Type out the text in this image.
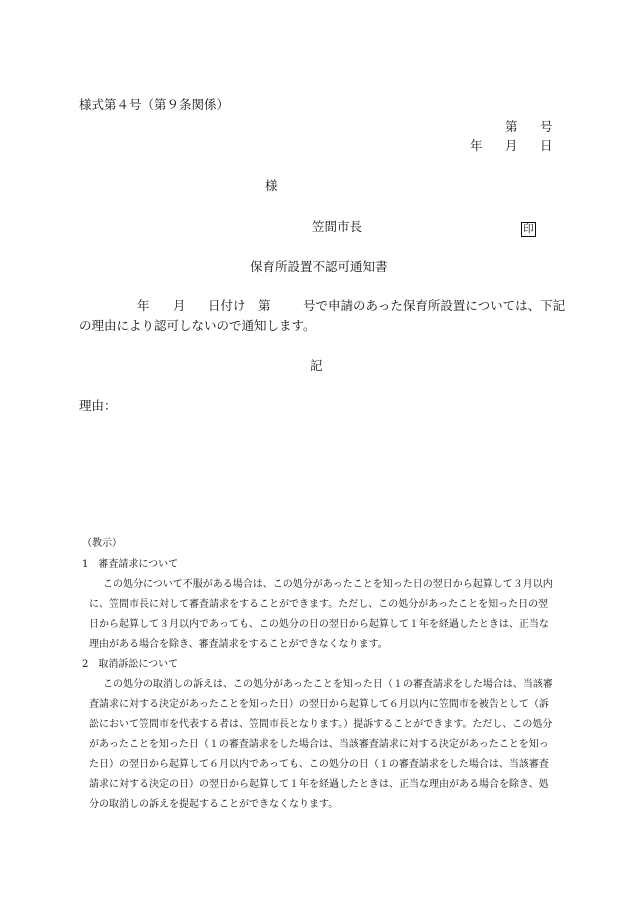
様式第４号（第９条関係）
第 号
年 月 日
様
笠間市長	印
保育所設置不認可通知書
年 月 日付け 第	号で申請のあった保育所設置については、下記
の理由により認可しないので通知します。
記
理由：
（教示）
1　審査請求について
この処分について不服がある場合は、この処分があったことを知った日の翌日から起算して３月以内
に、笠間市長に対して審査請求をすることができます。ただし、この処分があったことを知った日の翌
日から起算して３月以内であっても、この処分の日の翌日から起算して１年を経過したときは、正当な
理由がある場合を除き、審査請求をすることができなくなります。
2　取消訴訟について
この処分の取消しの訴えは、この処分があったことを知った日（１の審査請求をした場合は、当該審
査請求に対する決定があったことを知った日）の翌日から起算して６月以内に笠間市を被告として（訴
訟において笠間市を代表する者は、笠間市長となります。）提訴することができます。ただし、この処分
があったことを知った日（１の審査請求をした場合は、当該審査請求に対する決定があったことを知っ
た日）の翌日から起算して６月以内であっても、この処分の日（１の審査請求をした場合は、当該審査
請求に対する決定の日）の翌日から起算して１年を経過したときは、正当な理由がある場合を除き、処
分の取消しの訴えを提起することができなくなります。
